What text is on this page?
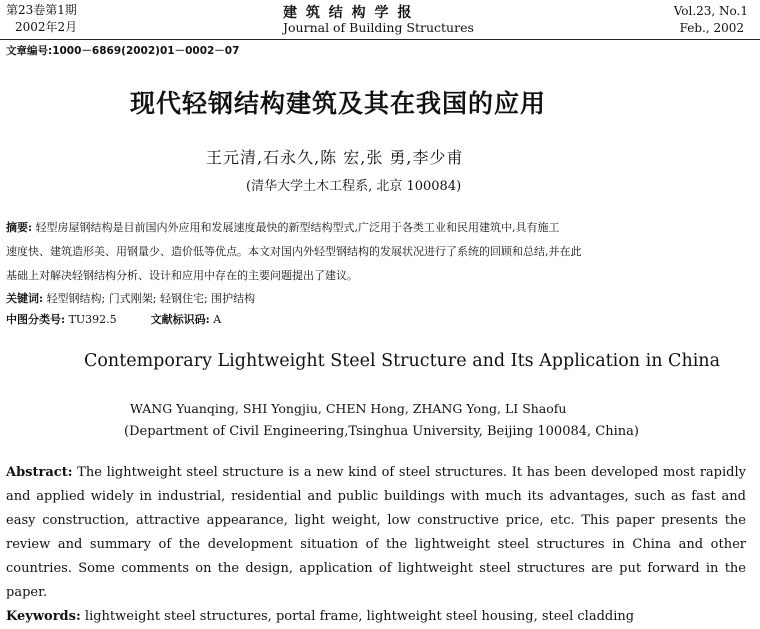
第23卷第1期
2002年2月
建 筑 结 构 学 报
Journal of Building Structures
Vol.23, No.1
Feb., 2002
文章编号:1000－6869(2002)01－0002－07
现代轻钢结构建筑及其在我国的应用
王元清,石永久,陈 宏,张 勇,李少甫
(清华大学土木工程系, 北京 100084)
摘要: 轻型房屋钢结构是目前国内外应用和发展速度最快的新型结构型式,广泛用于各类工业和民用建筑中,具有施工
速度快、建筑造形美、用钢量少、造价低等优点。本文对国内外轻型钢结构的发展状况进行了系统的回顾和总结,并在此
基础上对解决轻钢结构分析、设计和应用中存在的主要问题提出了建议。
关键词: 轻型钢结构; 门式刚架; 轻钢住宅; 围护结构
中图分类号: TU392.5	文献标识码: A
Contemporary Lightweight Steel Structure and Its Application in China
WANG Yuanqing, SHI Yongjiu, CHEN Hong, ZHANG Yong, LI Shaofu
(Department of Civil Engineering,Tsinghua University, Beijing 100084, China)

Abstract: The lightweight steel structure is a new kind of steel structures. It has been developed most rapidly and applied widely in industrial, residential and public buildings with much its advantages, such as fast and easy construction, attractive appearance, light weight, low constructive price, etc. This paper presents the review and summary of the development situation of the lightweight steel structures in China and other countries. Some comments on the design, application of lightweight steel structures are put forward in the paper.

Keywords: lightweight steel structures, portal frame, lightweight steel housing, steel cladding
